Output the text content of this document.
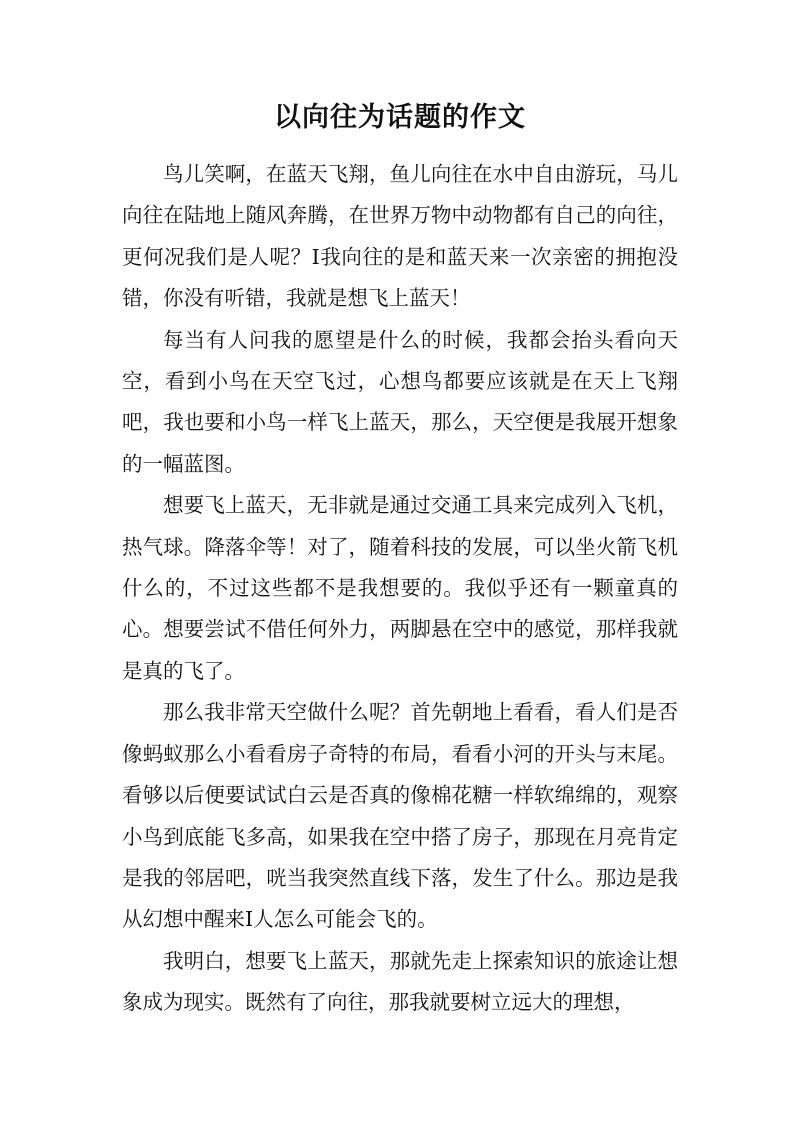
以向往为话题的作文

鸟儿笑啊，在蓝天飞翔，鱼儿向往在水中自由游玩，马儿向往在陆地上随风奔腾，在世界万物中动物都有自己的向往，更何况我们是人呢？I我向往的是和蓝天来一次亲密的拥抱没错，你没有听错，我就是想飞上蓝天！

每当有人问我的愿望是什么的时候，我都会抬头看向天空，看到小鸟在天空飞过，心想鸟都要应该就是在天上飞翔吧，我也要和小鸟一样飞上蓝天，那么，天空便是我展开想象的一幅蓝图。

想要飞上蓝天，无非就是通过交通工具来完成列入飞机，热气球。降落伞等！对了，随着科技的发展，可以坐火箭飞机什么的，不过这些都不是我想要的。我似乎还有一颗童真的心。想要尝试不借任何外力，两脚悬在空中的感觉，那样我就是真的飞了。

那么我非常天空做什么呢？首先朝地上看看，看人们是否像蚂蚁那么小看看房子奇特的布局，看看小河的开头与末尾。看够以后便要试试白云是否真的像棉花糖一样软绵绵的，观察小鸟到底能飞多高，如果我在空中搭了房子，那现在月亮肯定是我的邻居吧，咣当我突然直线下落，发生了什么。那边是我从幻想中醒来I人怎么可能会飞的。

我明白，想要飞上蓝天，那就先走上探索知识的旅途让想象成为现实。既然有了向往，那我就要树立远大的理想，
